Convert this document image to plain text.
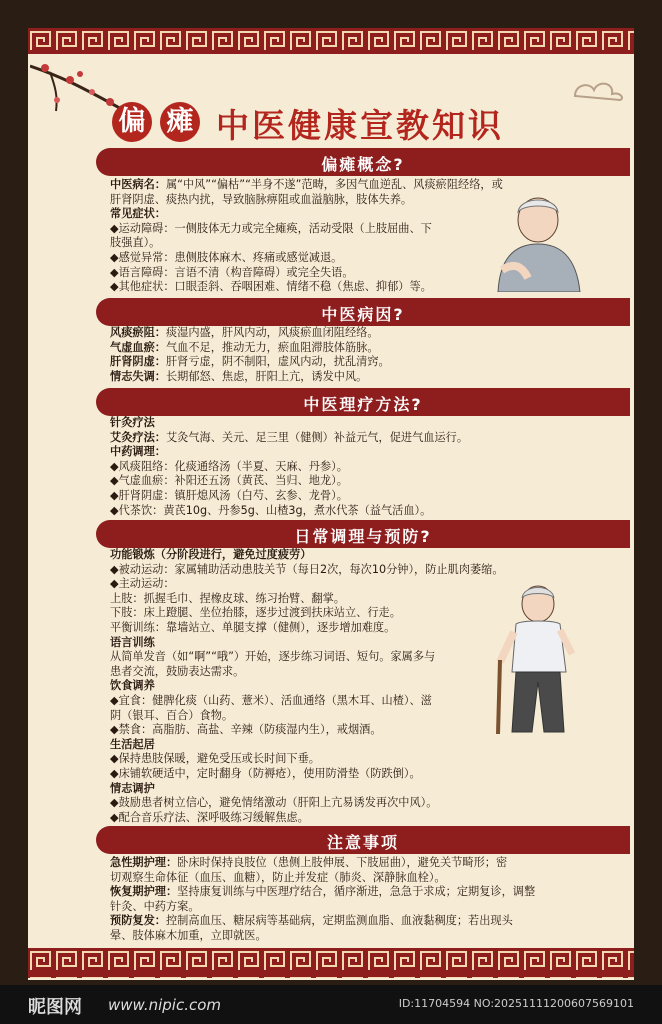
偏 瘫 中医健康宣教知识
偏瘫概念?
中医病因?
中医理疗方法?
日常调理与预防?
注意事项
中医病名：属“中风”“偏枯”“半身不遂”范畴，多因气血逆乱、风痰瘀阻经络，或
肝肾阴虚、痰热内扰，导致脑脉痹阻或血溢脑脉，肢体失养。
常见症状：
◆运动障碍：一侧肢体无力或完全瘫痪，活动受限（上肢屈曲、下
肢强直）。
◆感觉异常：患侧肢体麻木、疼痛或感觉减退。
◆语言障碍：言语不清（构音障碍）或完全失语。
◆其他症状：口眼歪斜、吞咽困难、情绪不稳（焦虑、抑郁）等。
风痰瘀阻：痰湿内盛，肝风内动，风痰瘀血闭阻经络。
气虚血瘀：气血不足，推动无力，瘀血阻滞肢体筋脉。
肝肾阴虚：肝肾亏虚，阴不制阳，虚风内动，扰乱清窍。
情志失调：长期郁怒、焦虑，肝阳上亢，诱发中风。
针灸疗法
艾灸疗法：艾灸气海、关元、足三里（健侧）补益元气，促进气血运行。
中药调理：
◆风痰阻络：化痰通络汤（半夏、天麻、丹参）。
◆气虚血瘀：补阳还五汤（黄芪、当归、地龙）。
◆肝肾阴虚：镇肝熄风汤（白芍、玄参、龙骨）。
◆代茶饮：黄芪10g、丹参5g、山楂3g，煮水代茶（益气活血）。
功能锻炼（分阶段进行，避免过度疲劳）
◆被动运动：家属辅助活动患肢关节（每日2次，每次10分钟），防止肌肉萎缩。
◆主动运动：
上肢：抓握毛巾、捏橡皮球、练习抬臂、翻掌。
下肢：床上蹬腿、坐位抬膝，逐步过渡到扶床站立、行走。
平衡训练：靠墙站立、单腿支撑（健侧），逐步增加难度。
语言训练
从简单发音（如“啊”“哦”）开始，逐步练习词语、短句。家属多与
患者交流，鼓励表达需求。
饮食调养
◆宜食：健脾化痰（山药、薏米）、活血通络（黑木耳、山楂）、滋
阴（银耳、百合）食物。
◆禁食：高脂肪、高盐、辛辣（防痰湿内生），戒烟酒。
生活起居
◆保持患肢保暖，避免受压或长时间下垂。
◆床铺软硬适中，定时翻身（防褥疮），使用防滑垫（防跌倒）。
情志调护
◆鼓励患者树立信心，避免情绪激动（肝阳上亢易诱发再次中风）。
◆配合音乐疗法、深呼吸练习缓解焦虑。
急性期护理：卧床时保持良肢位（患侧上肢伸展、下肢屈曲），避免关节畸形；密
切观察生命体征（血压、血糖），防止并发症（肺炎、深静脉血栓）。
恢复期护理：坚持康复训练与中医理疗结合，循序渐进，急急于求成；定期复诊，调整
针灸、中药方案。
预防复发：控制高血压、糖尿病等基础病，定期监测血脂、血液黏稠度；若出现头
晕、肢体麻木加重，立即就医。
昵图网 www.nipic.com	ID:11704594 NO:20251111200607569101
